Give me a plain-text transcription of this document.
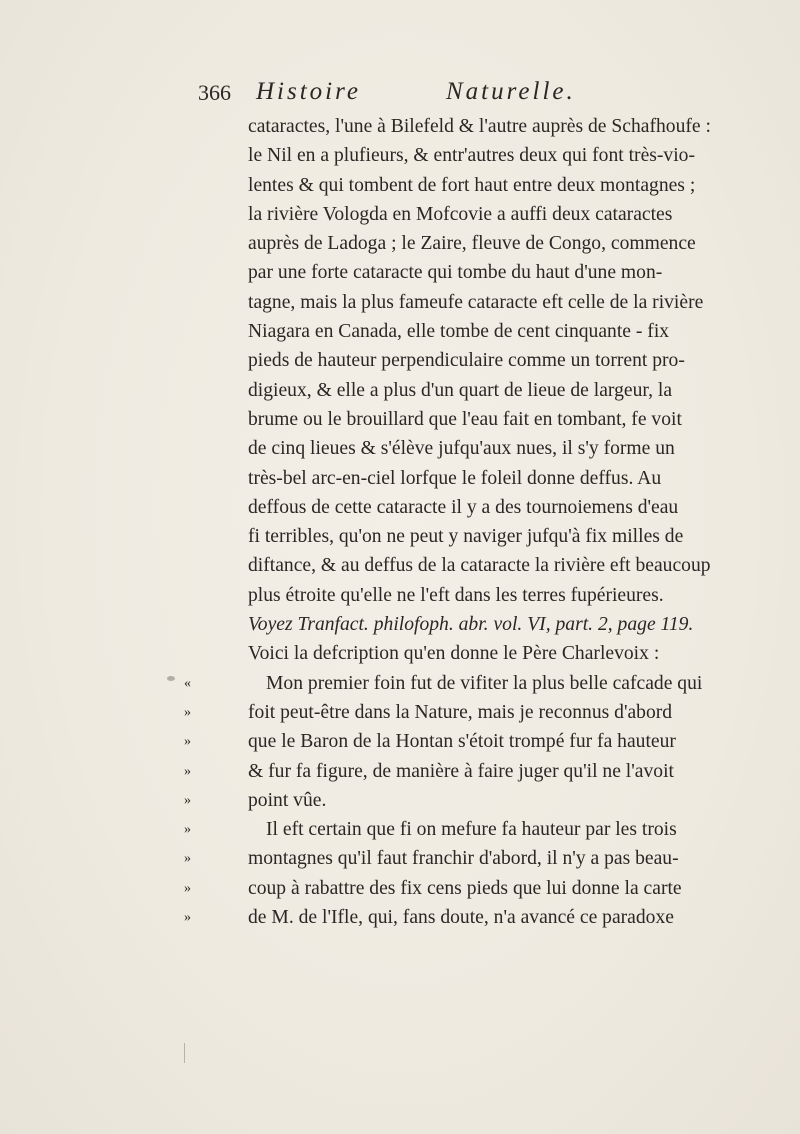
366 Histoire	Naturelle.
cataractes, l'une à Bilefeld & l'autre auprès de Schafhoufe :
le Nil en a plufieurs, & entr'autres deux qui font très-vio-
lentes & qui tombent de fort haut entre deux montagnes ;
la rivière Vologda en Mofcovie a auffi deux cataractes
auprès de Ladoga ; le Zaire, fleuve de Congo, commence
par une forte cataracte qui tombe du haut d'une mon-
tagne, mais la plus fameufe cataracte eft celle de la rivière
Niagara en Canada, elle tombe de cent cinquante - fix
pieds de hauteur perpendiculaire comme un torrent pro-
digieux, & elle a plus d'un quart de lieue de largeur, la
brume ou le brouillard que l'eau fait en tombant, fe voit
de cinq lieues & s'élève jufqu'aux nues, il s'y forme un
très-bel arc-en-ciel lorfque le foleil donne deffus. Au
deffous de cette cataracte il y a des tournoiemens d'eau
fi terribles, qu'on ne peut y naviger jufqu'à fix milles de
diftance, & au deffus de la cataracte la rivière eft beaucoup
plus étroite qu'elle ne l'eft dans les terres fupérieures.
Voyez Tranfact. philofoph. abr. vol. VI, part. 2, page 119.
Voici la defcription qu'en donne le Père Charlevoix :
«	Mon premier foin fut de vifiter la plus belle cafcade qui
»	foit peut-être dans la Nature, mais je reconnus d'abord
»	que le Baron de la Hontan s'étoit trompé fur fa hauteur
»	& fur fa figure, de manière à faire juger qu'il ne l'avoit
»	point vûe.
»	Il eft certain que fi on mefure fa hauteur par les trois
»	montagnes qu'il faut franchir d'abord, il n'y a pas beau-
»	coup à rabattre des fix cens pieds que lui donne la carte
»	de M. de l'Ifle, qui, fans doute, n'a avancé ce paradoxe
